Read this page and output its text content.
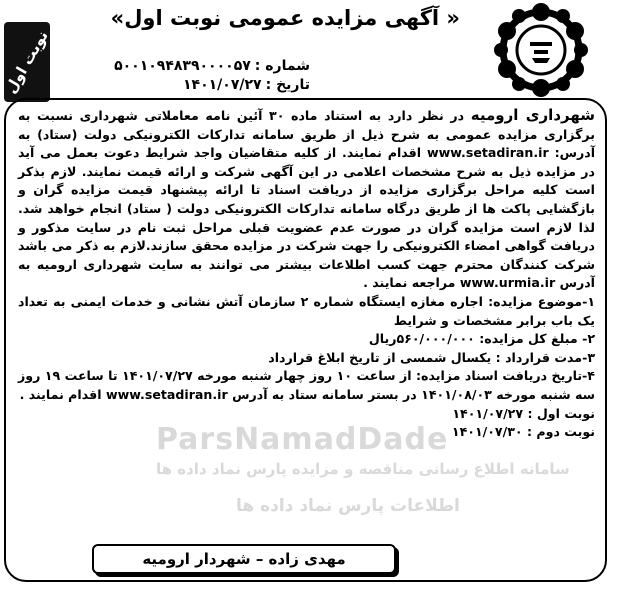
« آگهی مزایده عمومی نوبت اول»
نوبت اول	شماره :۵۰۰۱۰۹۴۸۳۹۰۰۰۰۵۷
تاریخ :۱۴۰۱/۰۷/۲۷
ParsNamadDade
سامانه اطلاع رسانی مناقصه و مزایده پارس نماد داده ها
اطلاعات پارس نماد داده ها

شهرداری ارومیه در نظر دارد به استناد ماده ۳۰ آئین نامه معاملاتی شهرداری نسبت به برگزاری مزایده عمومی به شرح ذیل از طریق سامانه تدارکات الکترونیکی دولت (ستاد) به آدرس: www.setadiran.ir اقدام نمایند. از کلیه متقاضیان واجد شرایط دعوت بعمل می آید در مزایده ذیل به شرح مشخصات اعلامی در این آگهی شرکت و ارائه قیمت نمایند. لازم بذکر است کلیه مراحل برگزاری مزایده از دریافت اسناد تا ارائه پیشنهاد قیمت مزایده گران و بازگشایی پاکت ها از طریق درگاه سامانه تدارکات الکترونیکی دولت ( ستاد) انجام خواهد شد. لذا لازم است مزایده گران در صورت عدم عضویت قبلی مراحل ثبت نام در سایت مذکور و دریافت گواهی امضاء الکترونیکی را جهت شرکت در مزایده محقق سازند.لازم به ذکر می باشد شرکت کنندگان محترم جهت کسب اطلاعات بیشتر می توانند به سایت شهرداری ارومیه به آدرس www.urmia.ir مراجعه نمایند .

۱-موضوع مزایده: اجاره مغازه ایستگاه شماره ۲ سازمان آتش نشانی و خدمات ایمنی به تعداد یک باب برابر مشخصات و شرایط

۲- مبلغ کل مزایده: ۵۶۰/۰۰۰/۰۰۰ریال

۳-مدت قرارداد : یکسال شمسی از تاریخ ابلاغ قرارداد

۴-تاریخ دریافت اسناد مزایده: از ساعت ۱۰ روز چهار شنبه مورخه ۱۴۰۱/۰۷/۲۷ تا ساعت ۱۹ روز سه شنبه مورخه ۱۴۰۱/۰۸/۰۳ در بستر سامانه ستاد به آدرس www.setadiran.ir اقدام نمایند .

نوبت اول : ۱۴۰۱/۰۷/۲۷

نوبت دوم : ۱۴۰۱/۰۷/۳۰

مهدی زاده – شهردار ارومیه
